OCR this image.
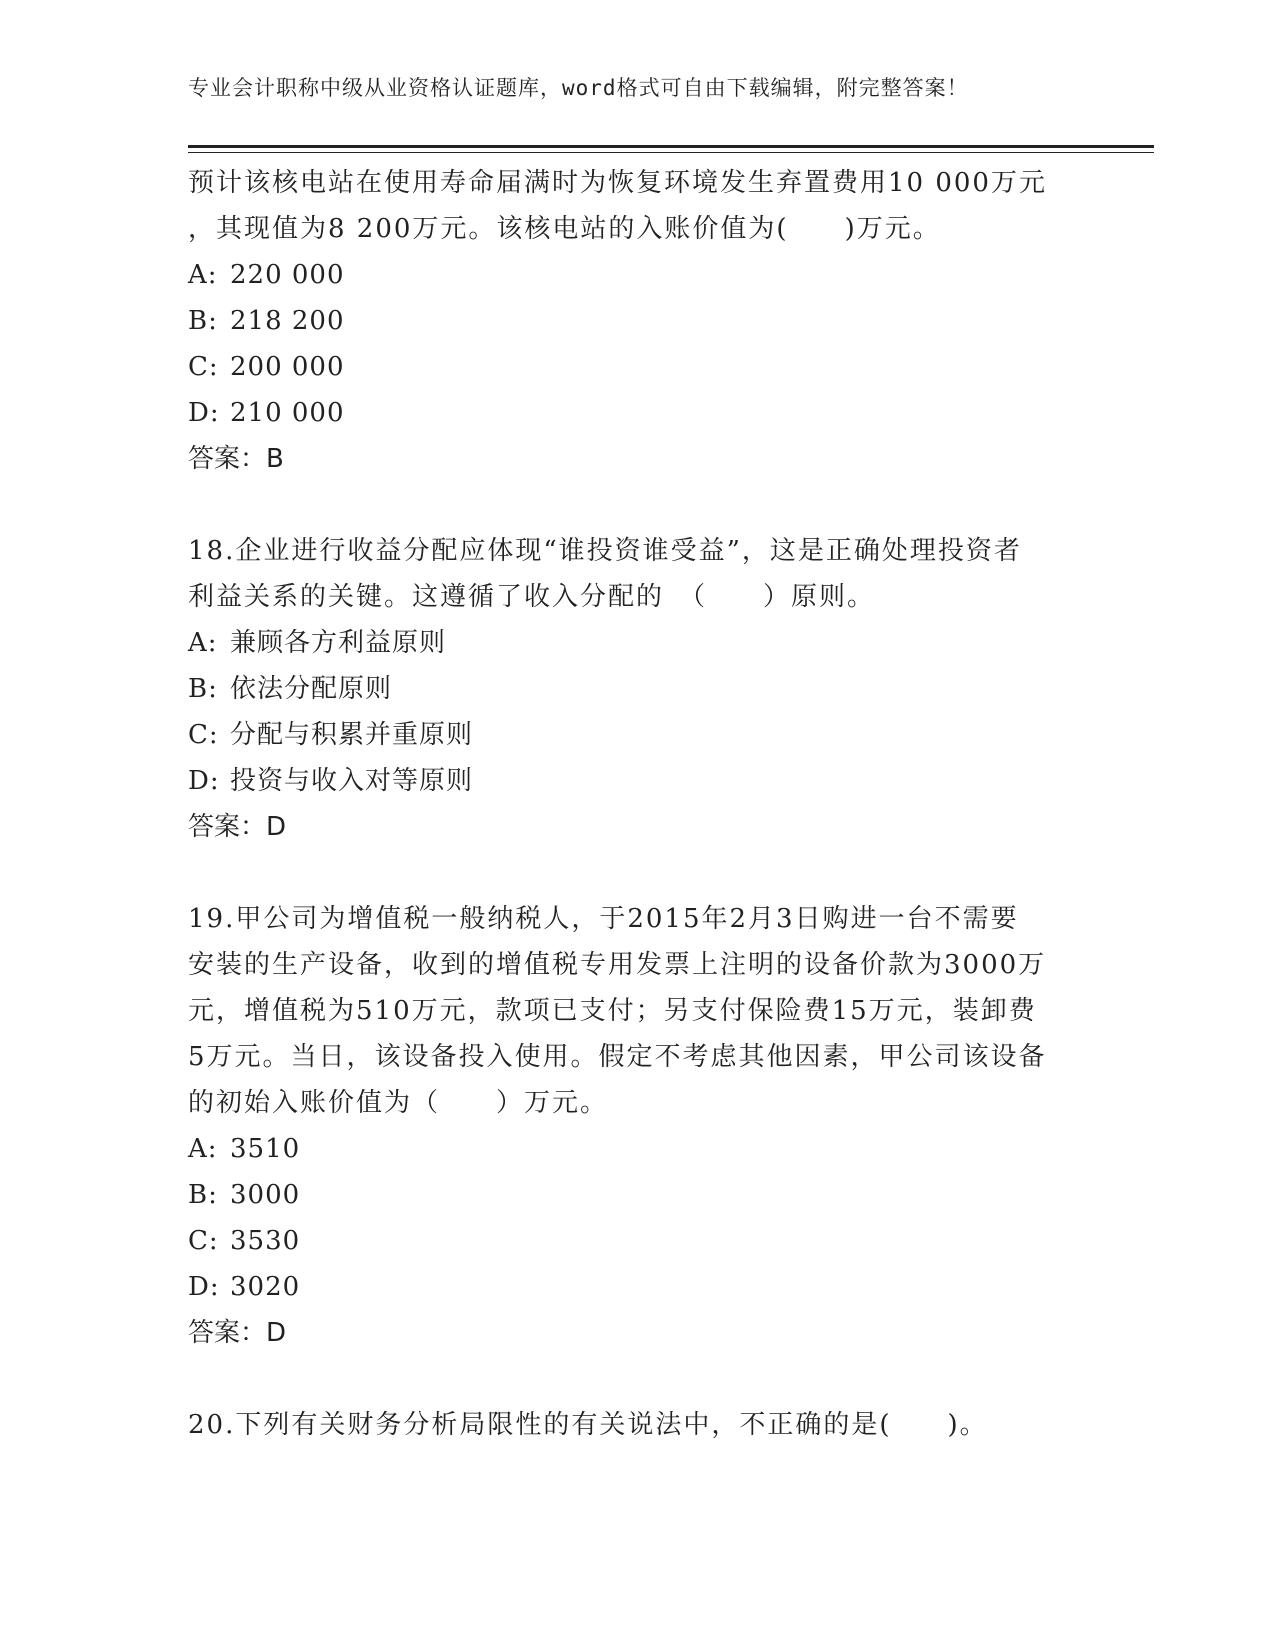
专业会计职称中级从业资格认证题库，word格式可自由下载编辑，附完整答案！
预计该核电站在使用寿命届满时为恢复环境发生弃置费用10 000万元
，其现值为8 200万元。该核电站的入账价值为(　　)万元。
A: 220 000
B: 218 200
C: 200 000
D: 210 000
答案：B
18.企业进行收益分配应体现“谁投资谁受益”，这是正确处理投资者
利益关系的关键。这遵循了收入分配的　（　　）原则。
A: 兼顾各方利益原则
B: 依法分配原则
C: 分配与积累并重原则
D: 投资与收入对等原则
答案：D
19.甲公司为增值税一般纳税人，于2015年2月3日购进一台不需要
安装的生产设备，收到的增值税专用发票上注明的设备价款为3000万
元，增值税为510万元，款项已支付；另支付保险费15万元，装卸费
5万元。当日，该设备投入使用。假定不考虑其他因素，甲公司该设备
的初始入账价值为（　　）万元。
A: 3510
B: 3000
C: 3530
D: 3020
答案：D
20.下列有关财务分析局限性的有关说法中，不正确的是(　　)。
